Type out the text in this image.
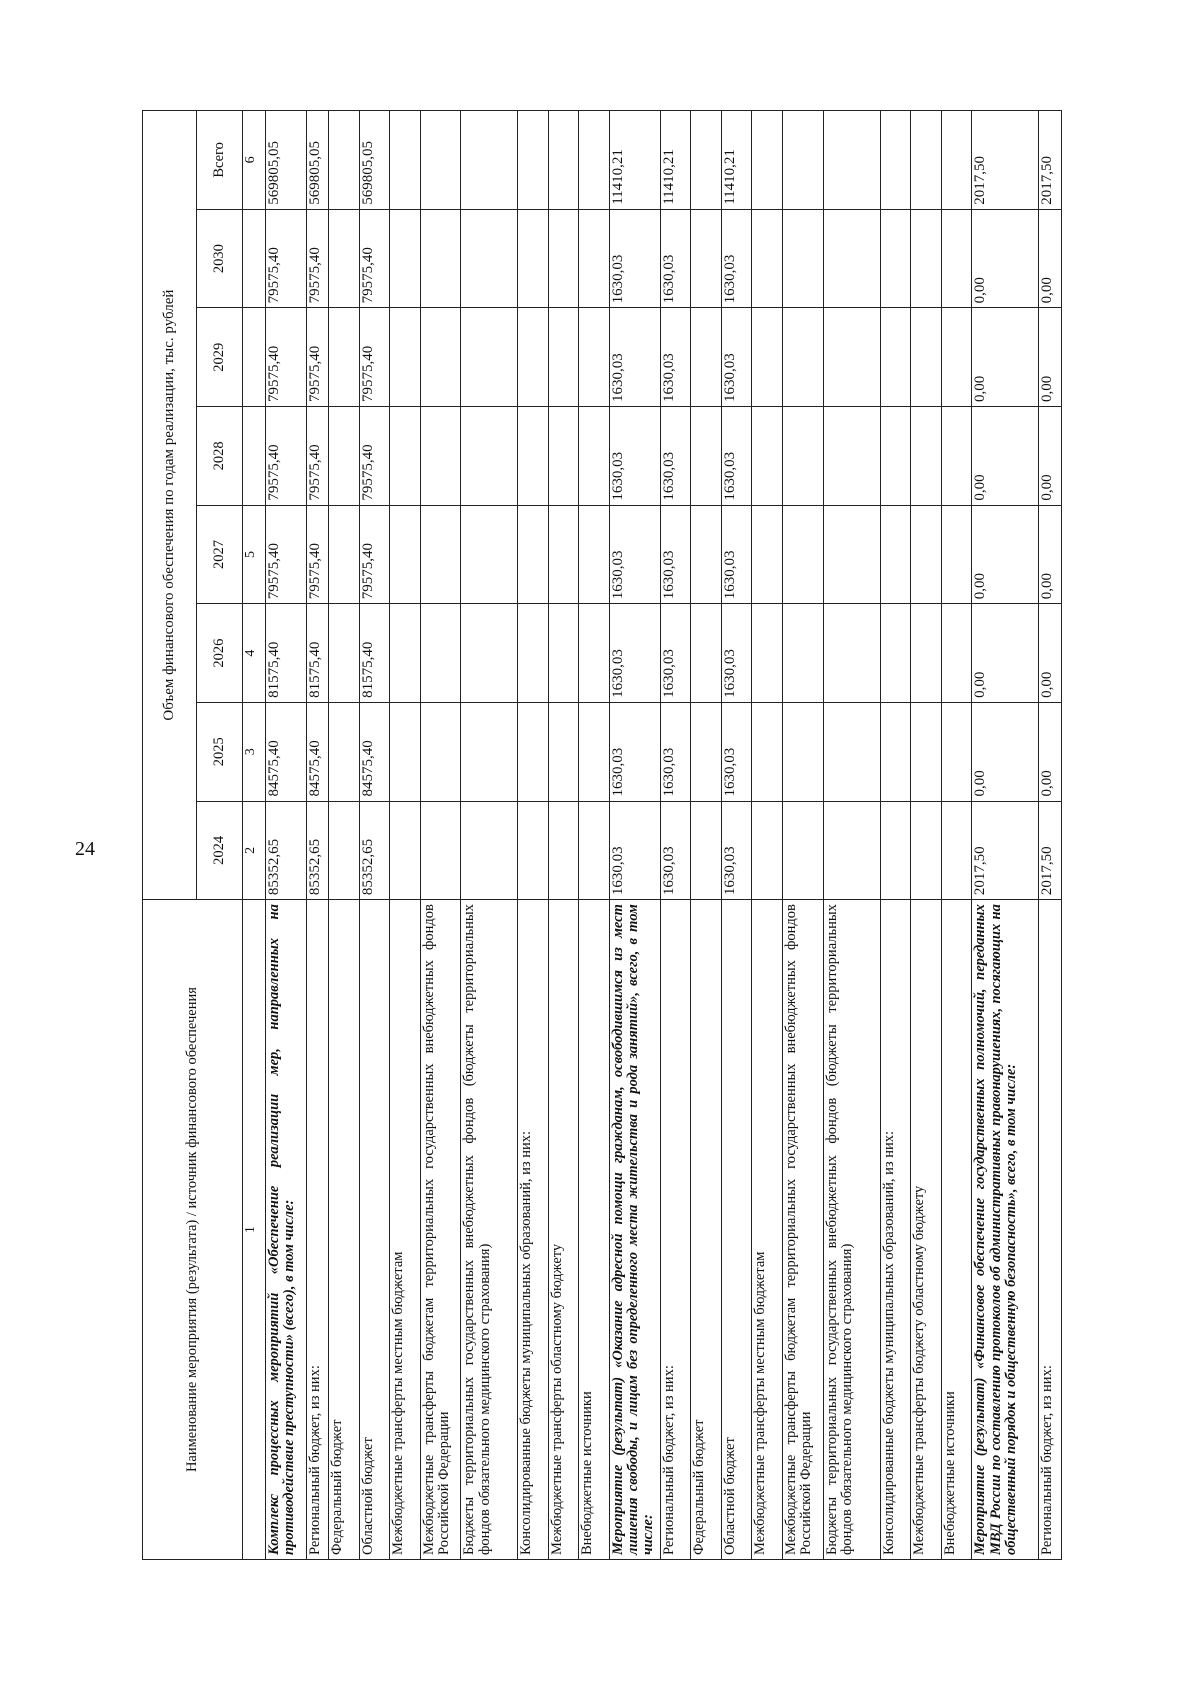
24
Наименование мероприятия (результата) / источник финансового обеспечения	Объем финансового обеспечения по годам реализации, тыс. рублей							
	2024	2025	2026	2027	2028	2029	2030	Всего
1	2	3	4	5				6
Комплекс процессных мероприятий «Обеспечение реализации мер, направленных на противодействие преступности» (всего), в том числе:	85352,65	84575,40	81575,40	79575,40	79575,40	79575,40	79575,40	569805,05
Региональный бюджет, из них:	85352,65	84575,40	81575,40	79575,40	79575,40	79575,40	79575,40	569805,05
Федеральный бюджет								
Областной бюджет	85352,65	84575,40	81575,40	79575,40	79575,40	79575,40	79575,40	569805,05
Межбюджетные трансферты местным бюджетам								
Межбюджетные трансферты бюджетам территориальных государственных внебюджетных фондов Российской Федерации								
Бюджеты территориальных государственных внебюджетных фондов (бюджеты территориальных фондов обязательного медицинского страхования)								
Консолидированные бюджеты муниципальных образований, из них:								
Межбюджетные трансферты областному бюджету								
Внебюджетные источники								
Мероприятие (результат) «Оказание адресной помощи гражданам, освободившимся из мест лишения свободы, и лицам без определенного места жительства и рода занятий», всего, в том числе:	1630,03	1630,03	1630,03	1630,03	1630,03	1630,03	1630,03	11410,21
Региональный бюджет, из них:	1630,03	1630,03	1630,03	1630,03	1630,03	1630,03	1630,03	11410,21
Федеральный бюджет								
Областной бюджет	1630,03	1630,03	1630,03	1630,03	1630,03	1630,03	1630,03	11410,21
Межбюджетные трансферты местным бюджетам								
Межбюджетные трансферты бюджетам территориальных государственных внебюджетных фондов Российской Федерации								
Бюджеты территориальных государственных внебюджетных фондов (бюджеты территориальных фондов обязательного медицинского страхования)								
Консолидированные бюджеты муниципальных образований, из них:								
Межбюджетные трансферты бюджету областному бюджету								
Внебюджетные источники								
Мероприятие (результат) «Финансовое обеспечение государственных полномочий, переданных МВД России по составлению протоколов об административных правонарушениях, посягающих на общественный порядок и общественную безопасность», всего, в том числе:	2017,50	0,00	0,00	0,00	0,00	0,00	0,00	2017,50
Региональный бюджет, из них:	2017,50	0,00	0,00	0,00	0,00	0,00	0,00	2017,50
